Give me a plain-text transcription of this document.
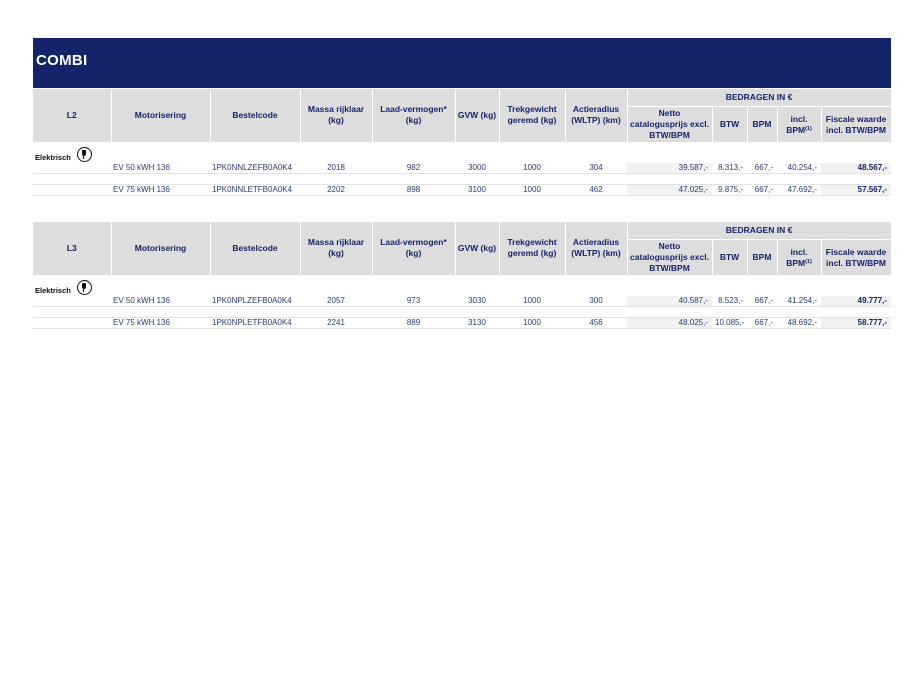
COMBI
L2	Motorisering	Bestelcode	Massa rijklaar (kg)	Laad-vermogen* (kg)	GVW (kg)	Trekgewicht geremd (kg)	Actieradius (WLTP) (km)	BEDRAGEN IN €				
								Netto catalogusprijs excl. BTW/BPM	BTW	BPM	incl. BPM$^{(1)}$	Fiscale waarde incl. BTW/BPM
Elektrisch												
	EV 50 kWH 136	1PK0NNLZEFB0A0K4	2018	982	3000	1000	304	39.587,-	8.313,-	667,-	40.254,-	48.567,-

	EV 75 kWH 136	1PK0NNLETFB0A0K4	2202	898	3100	1000	462	47.025,-	9.875,-	667,-	47.692,-	57.567,-
L3	Motorisering	Bestelcode	Massa rijklaar (kg)	Laad-vermogen* (kg)	GVW (kg)	Trekgewicht geremd (kg)	Actieradius (WLTP) (km)	BEDRAGEN IN €				
								Netto catalogusprijs excl. BTW/BPM	BTW	BPM	incl. BPM$^{(1)}$	Fiscale waarde incl. BTW/BPM
Elektrisch												
	EV 50 kWH 136	1PK0NPLZEFB0A0K4	2057	973	3030	1000	300	40.587,-	8.523,-	667,-	41.254,-	49.777,-

	EV 75 kWH 136	1PK0NPLETFB0A0K4	2241	889	3130	1000	456	48.025,-	10.085,-	667,-	48.692,-	58.777,-
